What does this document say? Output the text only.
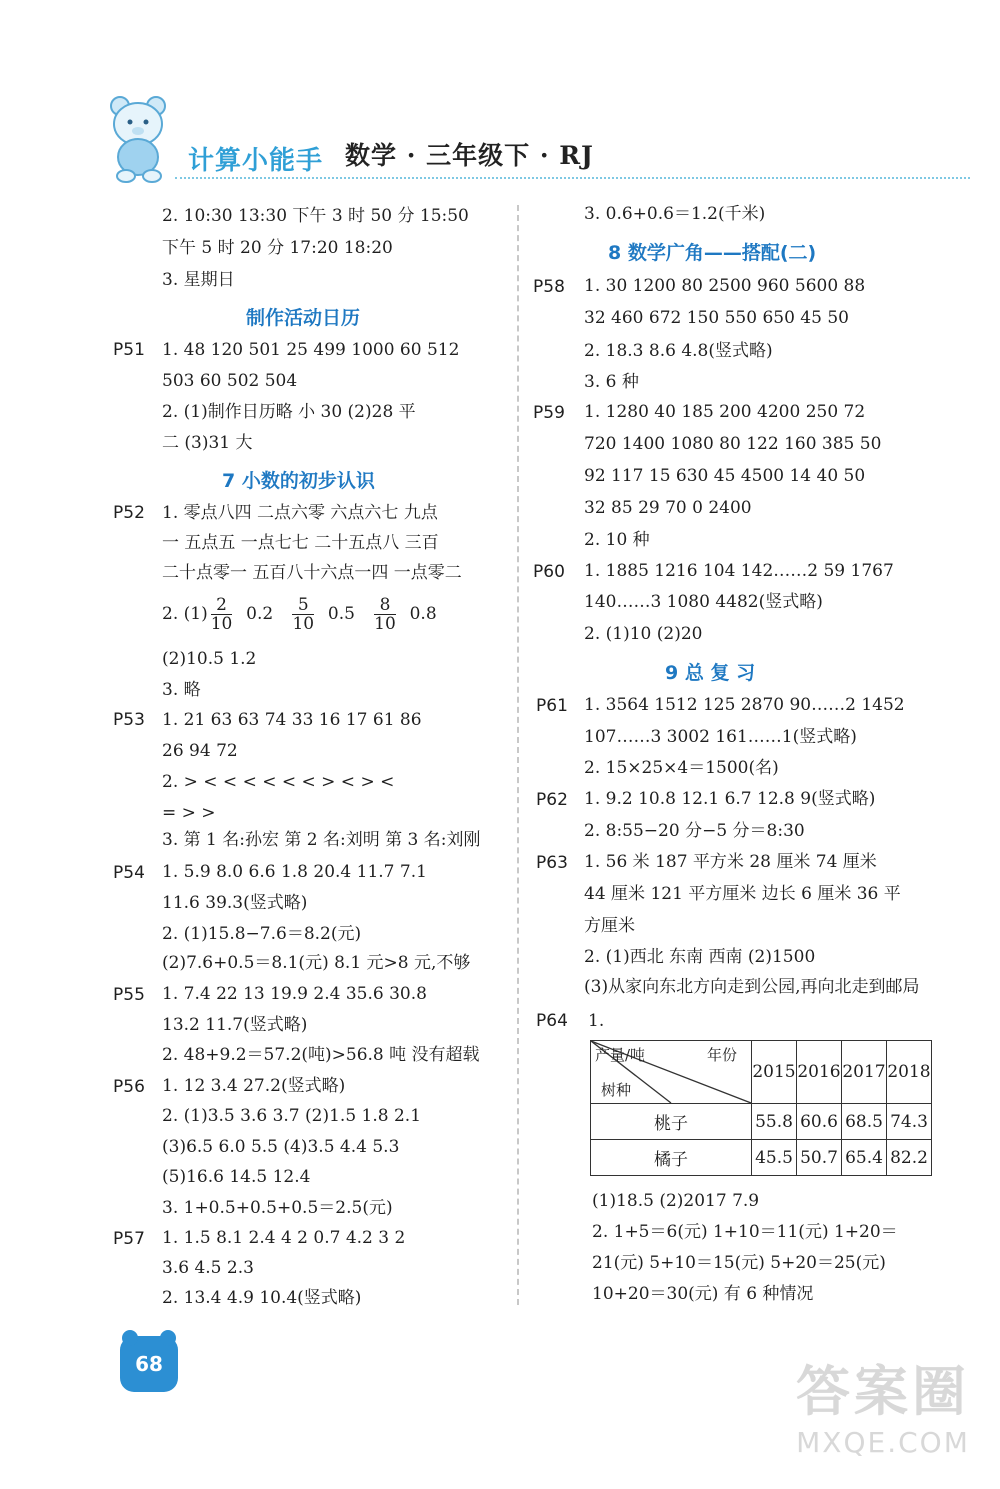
计算小能手 数学 · 三年级下 · RJ
2. 10:30 13:30 下午 3 时 50 分 15:50
下午 5 时 20 分 17:20 18:20
3. 星期日
制作活动日历
P51 1. 48 120 501 25 499 1000 60 512
503 60 502 504
2. (1)制作日历略 小 30 (2)28 平
二 (3)31 大
7 小数的初步认识
P52 1. 零点八四 二点六零 六点六七 九点
一 五点五 一点七七 二十五点八 三百
二十点零一 五百八十六点一四 一点零二
2. $(1) \frac{2}{10} 0.2 \frac{5}{10} 0.5 \frac{8}{10} 0.8$
(2)10.5 1.2
3. 略
P53 1. 21 63 63 74 33 16 17 61 86
26 94 72
2. > < < < < < < > < > <
= > >
3. 第 1 名:孙宏 第 2 名:刘明 第 3 名:刘刚
P54 1. 5.9 8.0 6.6 1.8 20.4 11.7 7.1
11.6 39.3(竖式略)
2. (1)15.8−7.6＝8.2(元)
(2)7.6+0.5＝8.1(元) 8.1 元>8 元,不够
P55 1. 7.4 22 13 19.9 2.4 35.6 30.8
13.2 11.7(竖式略)
2. 48+9.2＝57.2(吨)>56.8 吨 没有超载
P56 1. 12 3.4 27.2(竖式略)
2. (1)3.5 3.6 3.7 (2)1.5 1.8 2.1
(3)6.5 6.0 5.5 (4)3.5 4.4 5.3
(5)16.6 14.5 12.4
3. 1+0.5+0.5+0.5＝2.5(元)
P57 1. 1.5 8.1 2.4 4 2 0.7 4.2 3 2
3.6 4.5 2.3
2. 13.4 4.9 10.4(竖式略)
3. 0.6+0.6＝1.2(千米)
8 数学广角——搭配(二)
P58 1. 30 1200 80 2500 960 5600 88
32 460 672 150 550 650 45 50
2. 18.3 8.6 4.8(竖式略)
3. 6 种
P59 1. 1280 40 185 200 4200 250 72
720 1400 1080 80 122 160 385 50
92 117 15 630 45 4500 14 40 50
32 85 29 70 0 2400
2. 10 种
P60 1. 1885 1216 104 142……2 59 1767
140……3 1080 4482(竖式略)
2. (1)10 (2)20
9 总 复 习
P61 1. 3564 1512 125 2870 90……2 1452
107……3 3002 161……1(竖式略)
2. 15×25×4＝1500(名)
P62 1. 9.2 10.8 12.1 6.7 12.8 9(竖式略)
2. 8:55−20 分−5 分＝8:30
P63 1. 56 米 187 平方米 28 厘米 74 厘米
44 厘米 121 平方厘米 边长 6 厘米 36 平
方厘米
2. (1)西北 东南 西南 (2)1500
(3)从家向东北方向走到公园,再向北走到邮局
P64 1.
产量/吨 年份
树种	2015	2016	2017	2018
桃子	55.8	60.6	68.5	74.3
橘子	45.5	50.7	65.4	82.2
(1)18.5 (2)2017 7.9
2. 1+5＝6(元) 1+10＝11(元) 1+20＝
21(元) 5+10＝15(元) 5+20＝25(元)
10+20＝30(元) 有 6 种情况
68	答案圈
MXQE.COM
